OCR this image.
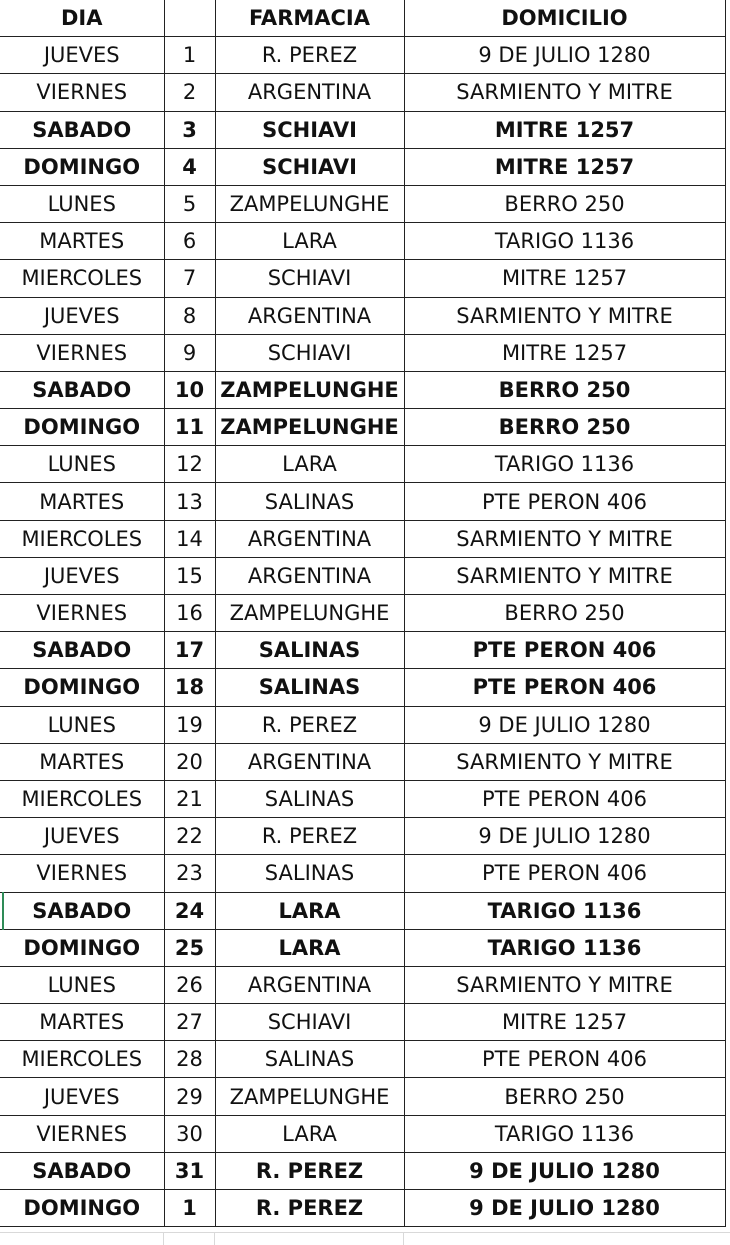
DIA		FARMACIA	DOMICILIO
JUEVES	1	R. PEREZ	9 DE JULIO 1280
VIERNES	2	ARGENTINA	SARMIENTO Y MITRE
SABADO	3	SCHIAVI	MITRE 1257
DOMINGO	4	SCHIAVI	MITRE 1257
LUNES	5	ZAMPELUNGHE	BERRO 250
MARTES	6	LARA	TARIGO 1136
MIERCOLES	7	SCHIAVI	MITRE 1257
JUEVES	8	ARGENTINA	SARMIENTO Y MITRE
VIERNES	9	SCHIAVI	MITRE 1257
SABADO	10	ZAMPELUNGHE	BERRO 250
DOMINGO	11	ZAMPELUNGHE	BERRO 250
LUNES	12	LARA	TARIGO 1136
MARTES	13	SALINAS	PTE PERON 406
MIERCOLES	14	ARGENTINA	SARMIENTO Y MITRE
JUEVES	15	ARGENTINA	SARMIENTO Y MITRE
VIERNES	16	ZAMPELUNGHE	BERRO 250
SABADO	17	SALINAS	PTE PERON 406
DOMINGO	18	SALINAS	PTE PERON 406
LUNES	19	R. PEREZ	9 DE JULIO 1280
MARTES	20	ARGENTINA	SARMIENTO Y MITRE
MIERCOLES	21	SALINAS	PTE PERON 406
JUEVES	22	R. PEREZ	9 DE JULIO 1280
VIERNES	23	SALINAS	PTE PERON 406
SABADO	24	LARA	TARIGO 1136
DOMINGO	25	LARA	TARIGO 1136
LUNES	26	ARGENTINA	SARMIENTO Y MITRE
MARTES	27	SCHIAVI	MITRE 1257
MIERCOLES	28	SALINAS	PTE PERON 406
JUEVES	29	ZAMPELUNGHE	BERRO 250
VIERNES	30	LARA	TARIGO 1136
SABADO	31	R. PEREZ	9 DE JULIO 1280
DOMINGO	1	R. PEREZ	9 DE JULIO 1280
